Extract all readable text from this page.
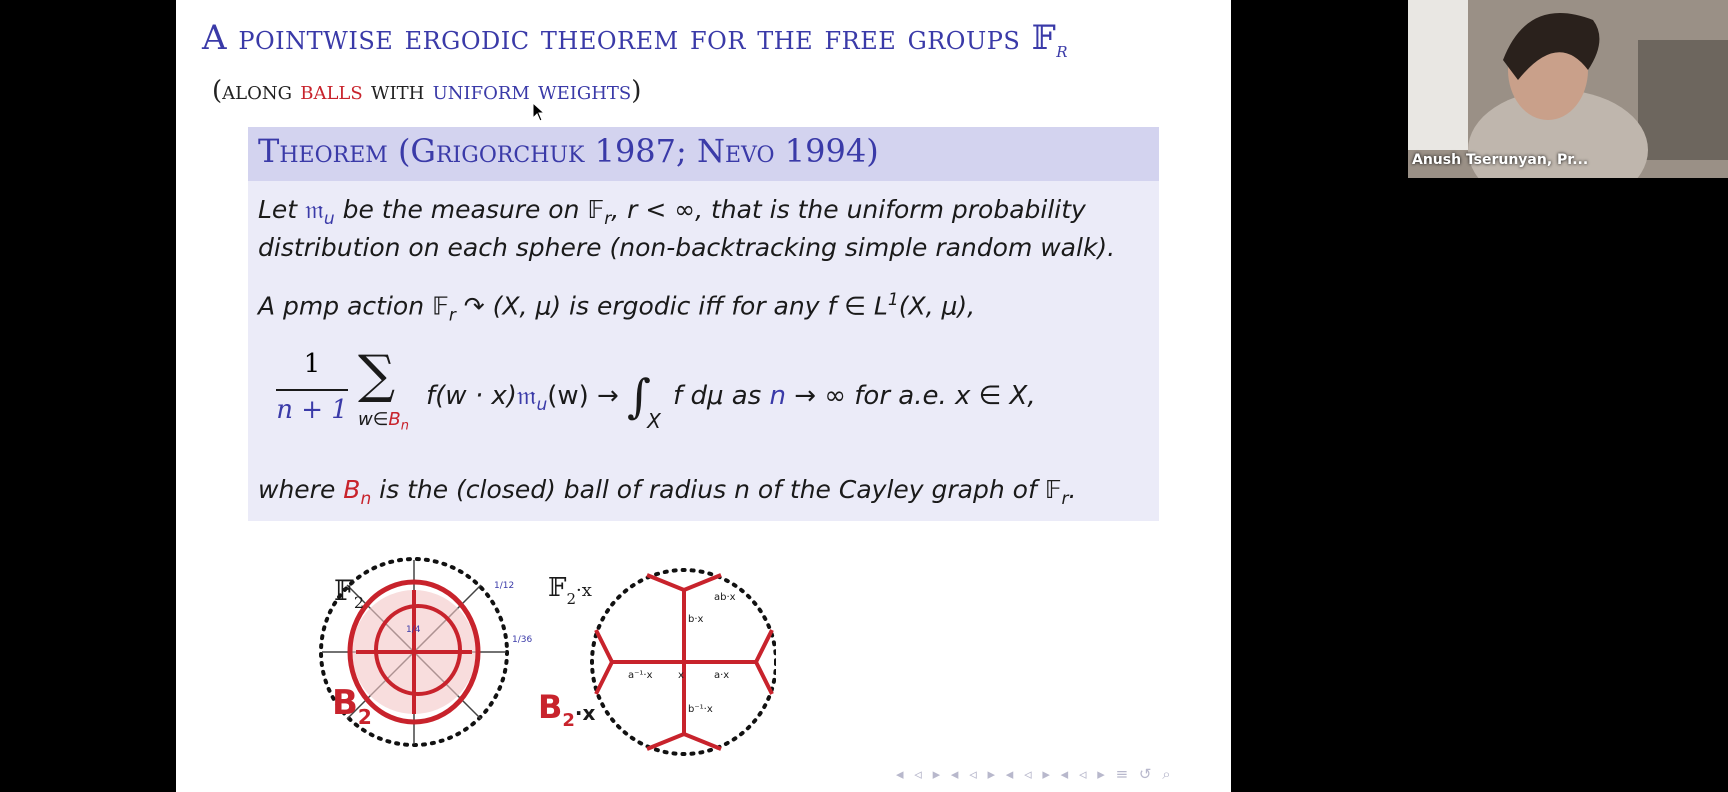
A pointwise ergodic theorem for the free groups 𝔽$_r$
(along balls with uniform weights)
Theorem (Grigorchuk 1987; Nevo 1994)
Let 𝔪$_u$ be the measure on 𝔽$_r$, r < ∞, that is the uniform probability
distribution on each sphere (non-backtracking simple random walk).
A pmp action 𝔽$_r$ ↷ (X, μ) is ergodic iff for any f ∈ $L^1(X$, μ),
1
n + 1
∑
$w\in B_n$
f(w · x)𝔪$_u$(w) → $\int_X$ f dμ as n → ∞ for a.e. x ∈ X,
where $B_n$ is the (closed) ball of radius n of the Cayley graph of 𝔽$_r$.
𝔽$_2$
$B_2$
1/4
1/12
1/36
𝔽$_2^{\cdot x}$
$B_2\cdot x$
x	a·x
a⁻¹·x
b·x
b⁻¹·x
ab·x
◂ ◃ ▸ ◂ ◃ ▸ ◂ ◃ ▸ ◂ ◃ ▸ ≡ ↺ ⌕
Anush Tserunyan, Pr...
